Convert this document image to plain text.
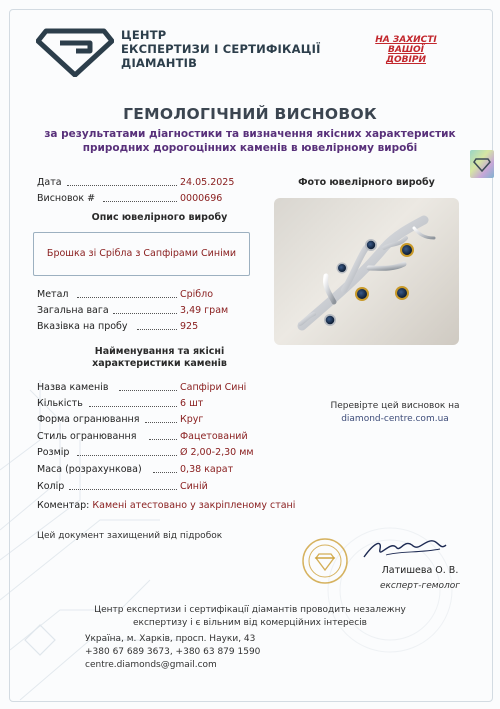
ЦЕНТР
ЕКСПЕРТИЗИ І СЕРТИФІКАЦІЇ
ДІАМАНТІВ
НА ЗАХИСТІ
ВАШОЇ
ДОВІРИ
ГЕМОЛОГІЧНИЙ ВИСНОВОК
за результатами діагностики та визначення якісних характеристик
природних дорогоцінних каменів в ювелірному виробі
Дата	24.05.2025
Висновок #	0000696
Опис ювелірного виробу
Брошка зі Срібла з Сапфірами Синіми
Метал	Срібло
Загальна вага	3,49 грам
Вказівка на пробу	925
Найменування та якісні
характеристики каменів
Назва каменів	Сапфіри Сині
Кількість	6 шт
Форма огранювання	Круг
Стиль огранювання	Фацетований
Розмір	Ø 2,00-2,30 мм
Маса (розрахункова)	0,38 карат
Колір	Синій
Коментар: Камені атестовано у закріпленому стані
Фото ювелірного виробу
Перевірте цей висновок на
diamond-centre.com.ua
Цей документ захищений від підробок
Латишева О. В.
експерт-гемолог
Центр експертизи і сертифікації діамантів проводить незалежну
експертизу і є вільним від комерційних інтересів
Україна, м. Харків, просп. Науки, 43
+380 67 689 3673, +380 63 879 1590
centre.diamonds@gmail.com
